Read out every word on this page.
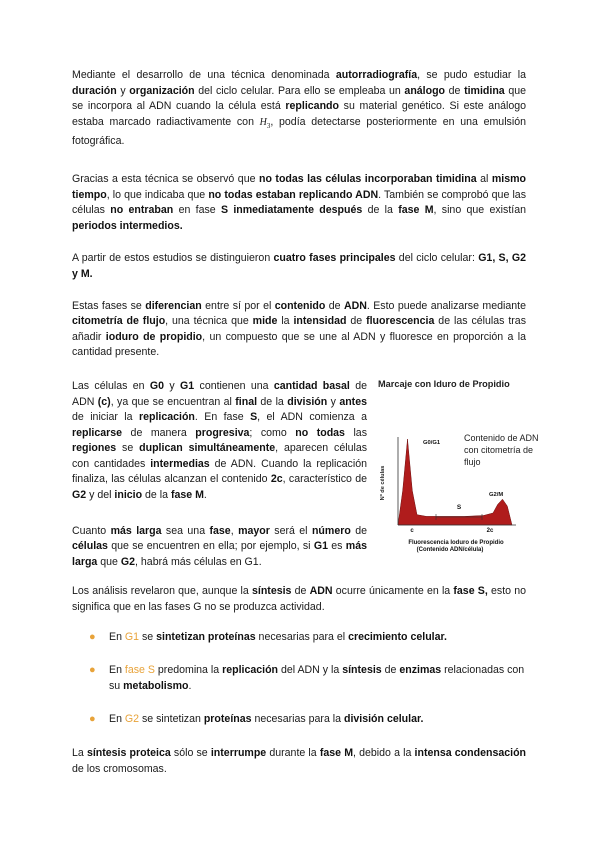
Mediante el desarrollo de una técnica denominada autorradiografía, se pudo estudiar la duración y organización del ciclo celular. Para ello se empleaba un análogo de timidina que se incorpora al ADN cuando la célula está replicando su material genético. Si este análogo estaba marcado radiactivamente con $H_3$, podía detectarse posteriormente en una emulsión fotográfica.

Gracias a esta técnica se observó que no todas las células incorporaban timidina al mismo tiempo, lo que indicaba que no todas estaban replicando ADN. También se comprobó que las células no entraban en fase S inmediatamente después de la fase M, sino que existían periodos intermedios.

A partir de estos estudios se distinguieron cuatro fases principales del ciclo celular: G1, S, G2 y M.

Estas fases se diferencian entre sí por el contenido de ADN. Esto puede analizarse mediante citometría de flujo, una técnica que mide la intensidad de fluorescencia de las células tras añadir ioduro de propidio, un compuesto que se une al ADN y fluoresce en proporción a la cantidad presente.

Las células en G0 y G1 contienen una cantidad basal de ADN (c), ya que se encuentran al final de la división y antes de iniciar la replicación. En fase S, el ADN comienza a replicarse de manera progresiva; como no todas las regiones se duplican simultáneamente, aparecen células con cantidades intermedias de ADN. Cuando la replicación finaliza, las células alcanzan el contenido 2c, característico de G2 y del inicio de la fase M.

Cuanto más larga sea una fase, mayor será el número de células que se encuentren en ella; por ejemplo, si G1 es más larga que G2, habrá más células en G1.

Marcaje con Iduro de Propidio
Nº de células
G0/G1
G2/M
S
Contenido de ADN
con citometría de
flujo
c	2c
Fluorescencia Ioduro de Propidio
(Contenido ADN/célula)

Los análisis revelaron que, aunque la síntesis de ADN ocurre únicamente en la fase S, esto no significa que en las fases G no se produzca actividad.

● En G1 se sintetizan proteínas necesarias para el crecimiento celular.
● En fase S predomina la replicación del ADN y la síntesis de enzimas relacionadas con su metabolismo.
● En G2 se sintetizan proteínas necesarias para la división celular.

La síntesis proteica sólo se interrumpe durante la fase M, debido a la intensa condensación de los cromosomas.
